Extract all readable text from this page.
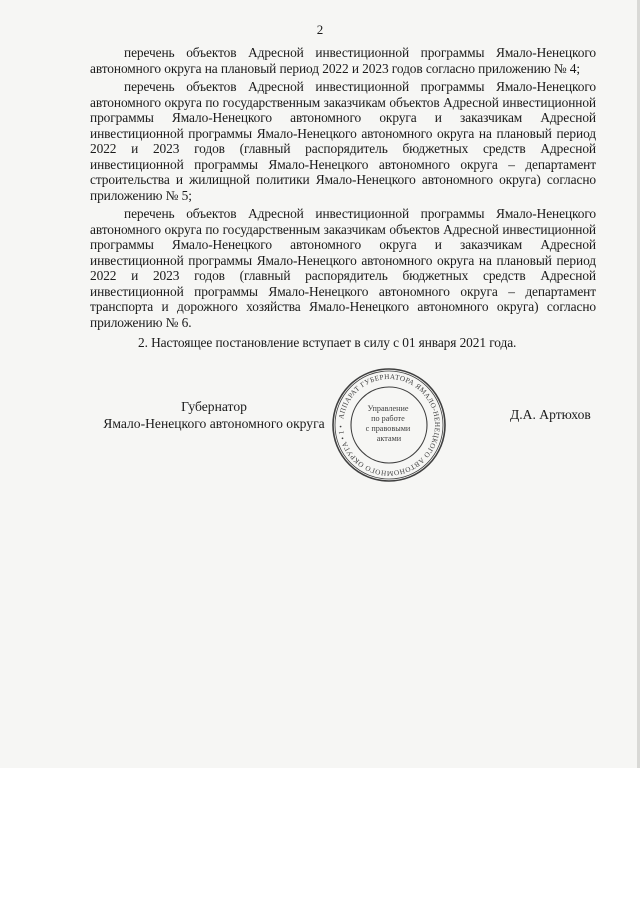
2

перечень объектов Адресной инвестиционной программы Ямало-Ненецкого автономного округа на плановый период 2022 и 2023 годов согласно приложению № 4;

перечень объектов Адресной инвестиционной программы Ямало-Ненецкого автономного округа по государственным заказчикам объектов Адресной инвестиционной программы Ямало-Ненецкого автономного округа и заказчикам Адресной инвестиционной программы Ямало-Ненецкого автономного округа на плановый период 2022 и 2023 годов (главный распорядитель бюджетных средств Адресной инвестиционной программы Ямало-Ненецкого автономного округа – департамент строительства и жилищной политики Ямало-Ненецкого автономного округа) согласно приложению № 5;

перечень объектов Адресной инвестиционной программы Ямало-Ненецкого автономного округа по государственным заказчикам объектов Адресной инвестиционной программы Ямало-Ненецкого автономного округа и заказчикам Адресной инвестиционной программы Ямало-Ненецкого автономного округа на плановый период 2022 и 2023 годов (главный распорядитель бюджетных средств Адресной инвестиционной программы Ямало-Ненецкого автономного округа – департамент транспорта и дорожного хозяйства Ямало-Ненецкого автономного округа) согласно приложению № 6.

2. Настоящее постановление вступает в силу с 01 января 2021 года.

Губернатор
Ямало-Ненецкого автономного округа	АППАРАТ ГУБЕРНАТОРА ЯМАЛО-НЕНЕЦКОГО АВТОНОМНОГО ОКРУГА • 1 •
Управление по работе с правовыми актами
Д.А. Артюхов
